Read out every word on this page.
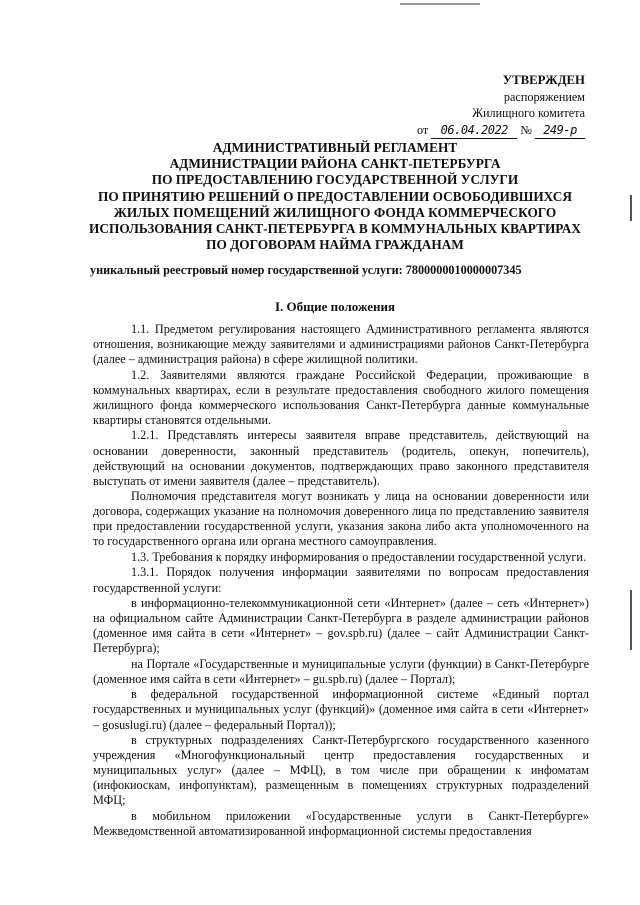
УТВЕРЖДЕН
распоряжением
Жилищного комитета
от 06.04.2022 № 249-р
АДМИНИСТРАТИВНЫЙ РЕГЛАМЕНТ
АДМИНИСТРАЦИИ РАЙОНА САНКТ-ПЕТЕРБУРГА
ПО ПРЕДОСТАВЛЕНИЮ ГОСУДАРСТВЕННОЙ УСЛУГИ
ПО ПРИНЯТИЮ РЕШЕНИЙ О ПРЕДОСТАВЛЕНИИ ОСВОБОДИВШИХСЯ
ЖИЛЫХ ПОМЕЩЕНИЙ ЖИЛИЩНОГО ФОНДА КОММЕРЧЕСКОГО
ИСПОЛЬЗОВАНИЯ САНКТ-ПЕТЕРБУРГА В КОММУНАЛЬНЫХ КВАРТИРАХ
ПО ДОГОВОРАМ НАЙМА ГРАЖДАНАМ
уникальный реестровый номер государственной услуги: 7800000010000007345
I. Общие положения

1.1. Предметом регулирования настоящего Административного регламента являются отношения, возникающие между заявителями и администрациями районов Санкт-Петербурга (далее – администрация района) в сфере жилищной политики.

1.2. Заявителями являются граждане Российской Федерации, проживающие в коммунальных квартирах, если в результате предоставления свободного жилого помещения жилищного фонда коммерческого использования Санкт-Петербурга данные коммунальные квартиры становятся отдельными.

1.2.1. Представлять интересы заявителя вправе представитель, действующий на основании доверенности, законный представитель (родитель, опекун, попечитель), действующий на основании документов, подтверждающих право законного представителя выступать от имени заявителя (далее – представитель).

Полномочия представителя могут возникать у лица на основании доверенности или договора, содержащих указание на полномочия доверенного лица по представлению заявителя при предоставлении государственной услуги, указания закона либо акта уполномоченного на то государственного органа или органа местного самоуправления.

1.3. Требования к порядку информирования о предоставлении государственной услуги.

1.3.1. Порядок получения информации заявителями по вопросам предоставления государственной услуги:

в информационно-телекоммуникационной сети «Интернет» (далее – сеть «Интернет») на официальном сайте Администрации Санкт-Петербурга в разделе администрации районов (доменное имя сайта в сети «Интернет» – gov.spb.ru) (далее – сайт Администрации Санкт-Петербурга);

на Портале «Государственные и муниципальные услуги (функции) в Санкт-Петербурге (доменное имя сайта в сети «Интернет» – gu.spb.ru) (далее – Портал);

в федеральной государственной информационной системе «Единый портал государственных и муниципальных услуг (функций)» (доменное имя сайта в сети «Интернет» – gosuslugi.ru) (далее – федеральный Портал));

в структурных подразделениях Санкт-Петербургского государственного казенного учреждения «Многофункциональный центр предоставления государственных и муниципальных услуг» (далее – МФЦ), в том числе при обращении к инфоматам (инфокиоскам, инфопунктам), размещенным в помещениях структурных подразделений МФЦ;

в мобильном приложении «Государственные услуги в Санкт-Петербурге» Межведомственной автоматизированной информационной системы предоставления
